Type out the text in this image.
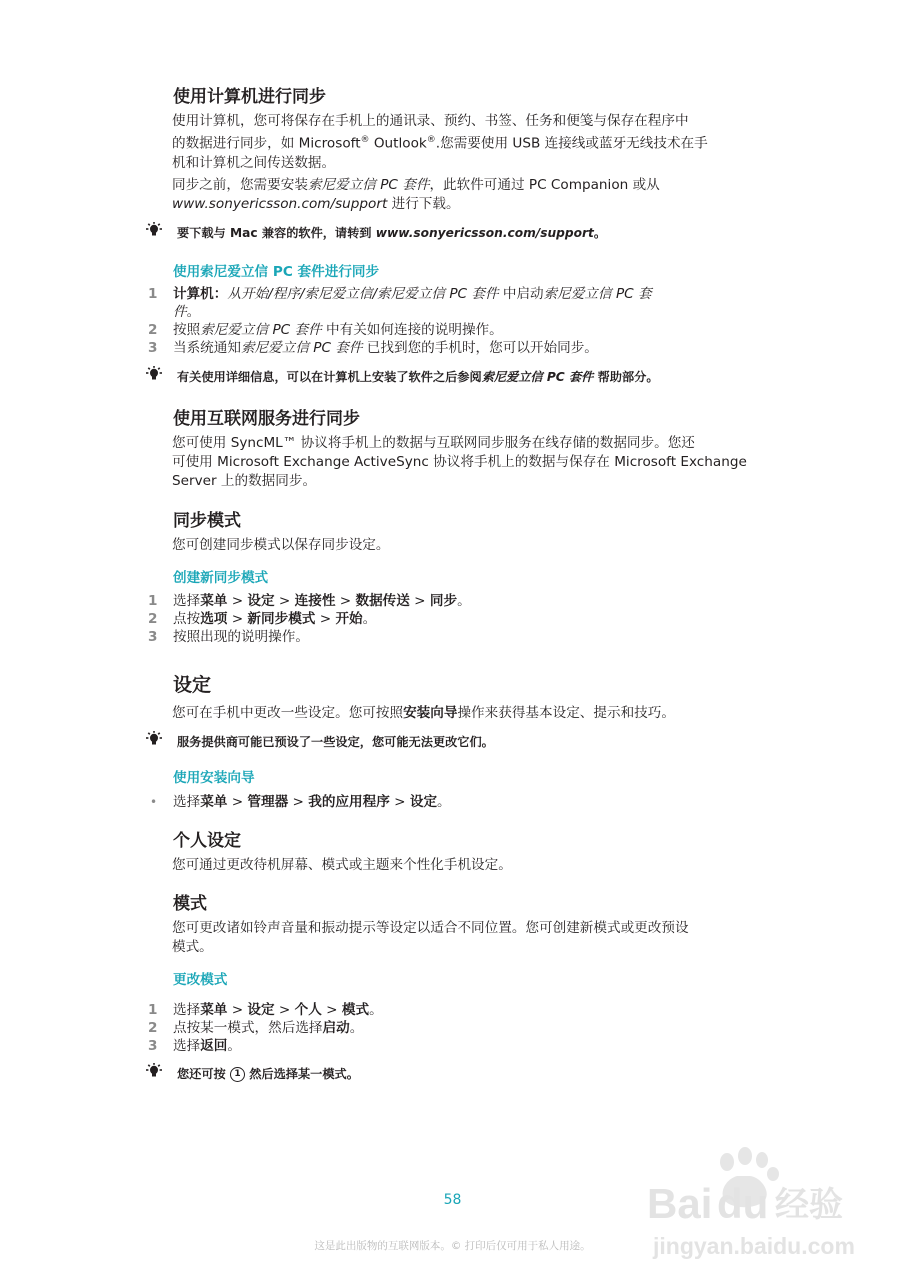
使用计算机进行同步
使用计算机，您可将保存在手机上的通讯录、预约、书签、任务和便笺与保存在程序中
的数据进行同步，如 Microsoft® Outlook®.您需要使用 USB 连接线或蓝牙无线技术在手
机和计算机之间传送数据。
同步之前，您需要安装索尼爱立信 PC 套件，此软件可通过 PC Companion 或从
www.sonyericsson.com/support 进行下载。
要下载与 Mac 兼容的软件，请转到 www.sonyericsson.com/support。
使用索尼爱立信 PC 套件进行同步
1	计算机：从开始/程序/索尼爱立信/索尼爱立信 PC 套件 中启动索尼爱立信 PC 套
件。
2	按照索尼爱立信 PC 套件 中有关如何连接的说明操作。
3	当系统通知索尼爱立信 PC 套件 已找到您的手机时，您可以开始同步。
有关使用详细信息，可以在计算机上安装了软件之后参阅索尼爱立信 PC 套件 帮助部分。
使用互联网服务进行同步
您可使用 SyncML™ 协议将手机上的数据与互联网同步服务在线存储的数据同步。您还
可使用 Microsoft Exchange ActiveSync 协议将手机上的数据与保存在 Microsoft Exchange
Server 上的数据同步。
同步模式
您可创建同步模式以保存同步设定。
创建新同步模式
1	选择菜单 > 设定 > 连接性 > 数据传送 > 同步。
2	点按选项 > 新同步模式 > 开始。
3	按照出现的说明操作。
设定
您可在手机中更改一些设定。您可按照安装向导操作来获得基本设定、提示和技巧。
服务提供商可能已预设了一些设定，您可能无法更改它们。
使用安装向导
• 选择菜单 > 管理器 > 我的应用程序 > 设定。
个人设定
您可通过更改待机屏幕、模式或主题来个性化手机设定。
模式
您可更改诸如铃声音量和振动提示等设定以适合不同位置。您可创建新模式或更改预设
模式。
更改模式
1	选择菜单 > 设定 > 个人 > 模式。
2	点按某一模式，然后选择启动。
3	选择返回。
您还可按 1 然后选择某一模式。
58
这是此出版物的互联网版本。© 打印后仅可用于私人用途。
Bai du 经验
jingyan.baidu.com
